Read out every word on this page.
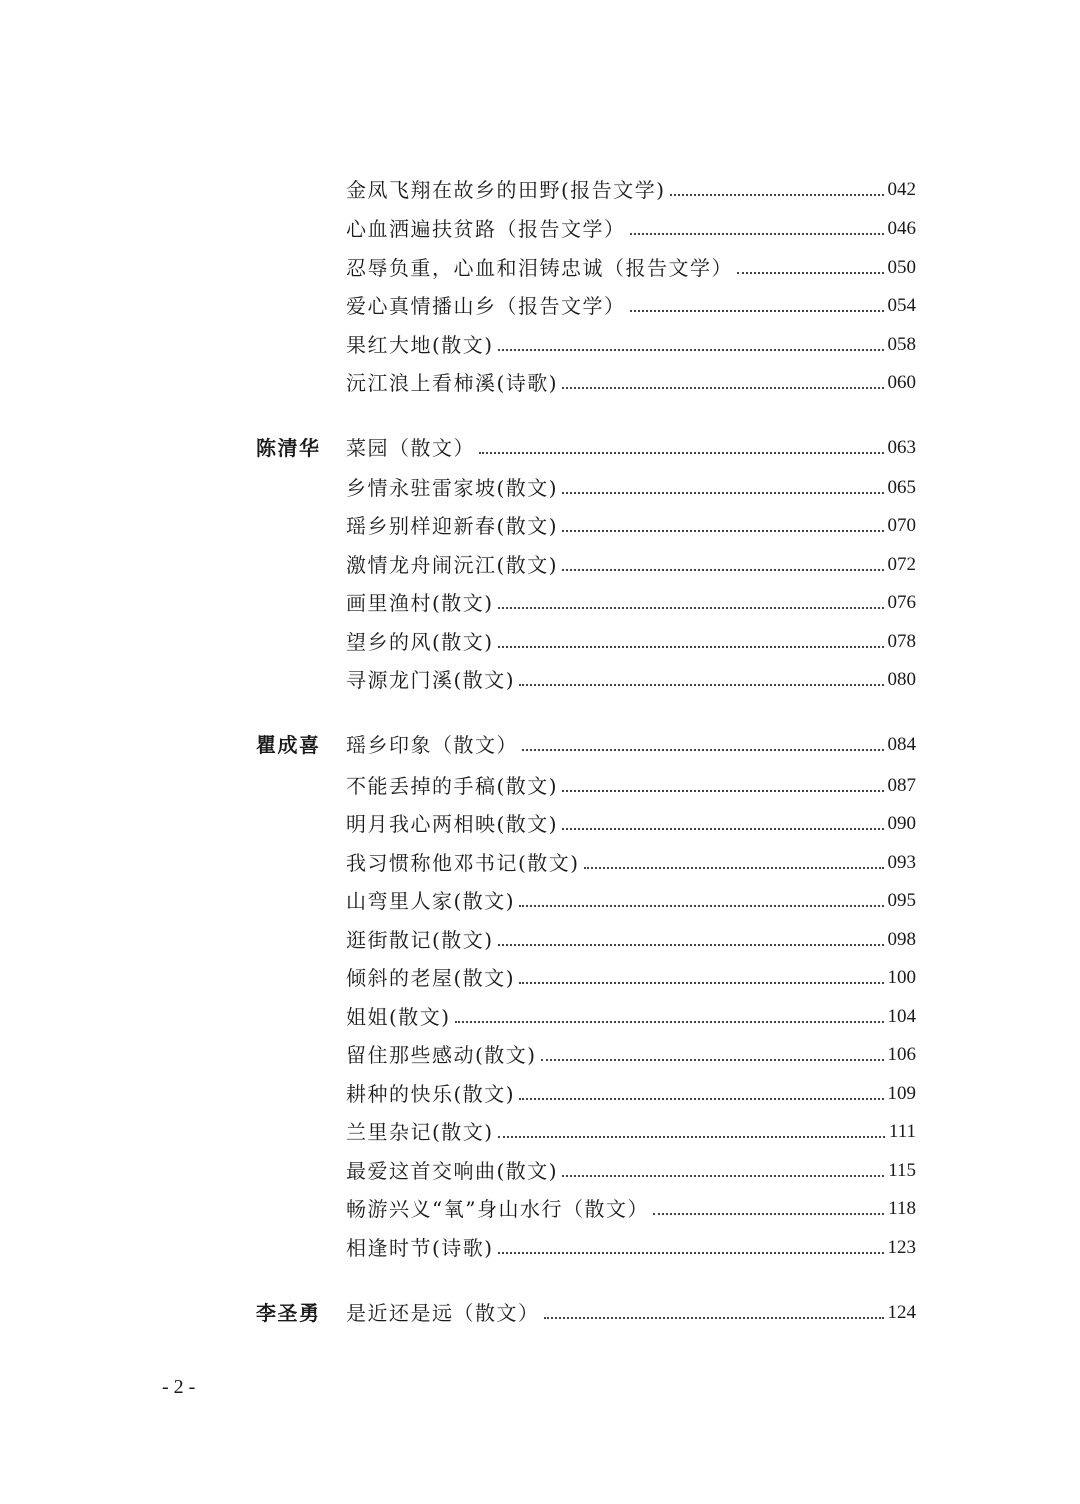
金凤飞翔在故乡的田野(报告文学)	042
心血洒遍扶贫路（报告文学）	046
忍辱负重，心血和泪铸忠诚（报告文学）	050
爱心真情播山乡（报告文学）	054
果红大地(散文)	058
沅江浪上看柿溪(诗歌)	060
陈清华 菜园（散文）	063
乡情永驻雷家坡(散文)	065
瑶乡别样迎新春(散文)	070
激情龙舟闹沅江(散文)	072
画里渔村(散文)	076
望乡的风(散文)	078
寻源龙门溪(散文)	080
瞿成喜 瑶乡印象（散文）	084
不能丢掉的手稿(散文)	087
明月我心两相映(散文)	090
我习惯称他邓书记(散文)	093
山弯里人家(散文)	095
逛街散记(散文)	098
倾斜的老屋(散文)	100
姐姐(散文)	104
留住那些感动(散文)	106
耕种的快乐(散文)	109
兰里杂记(散文)	111
最爱这首交响曲(散文)	115
畅游兴义“氧”身山水行（散文）	118
相逢时节(诗歌)	123
李圣勇 是近还是远（散文）	124
- 2 -
